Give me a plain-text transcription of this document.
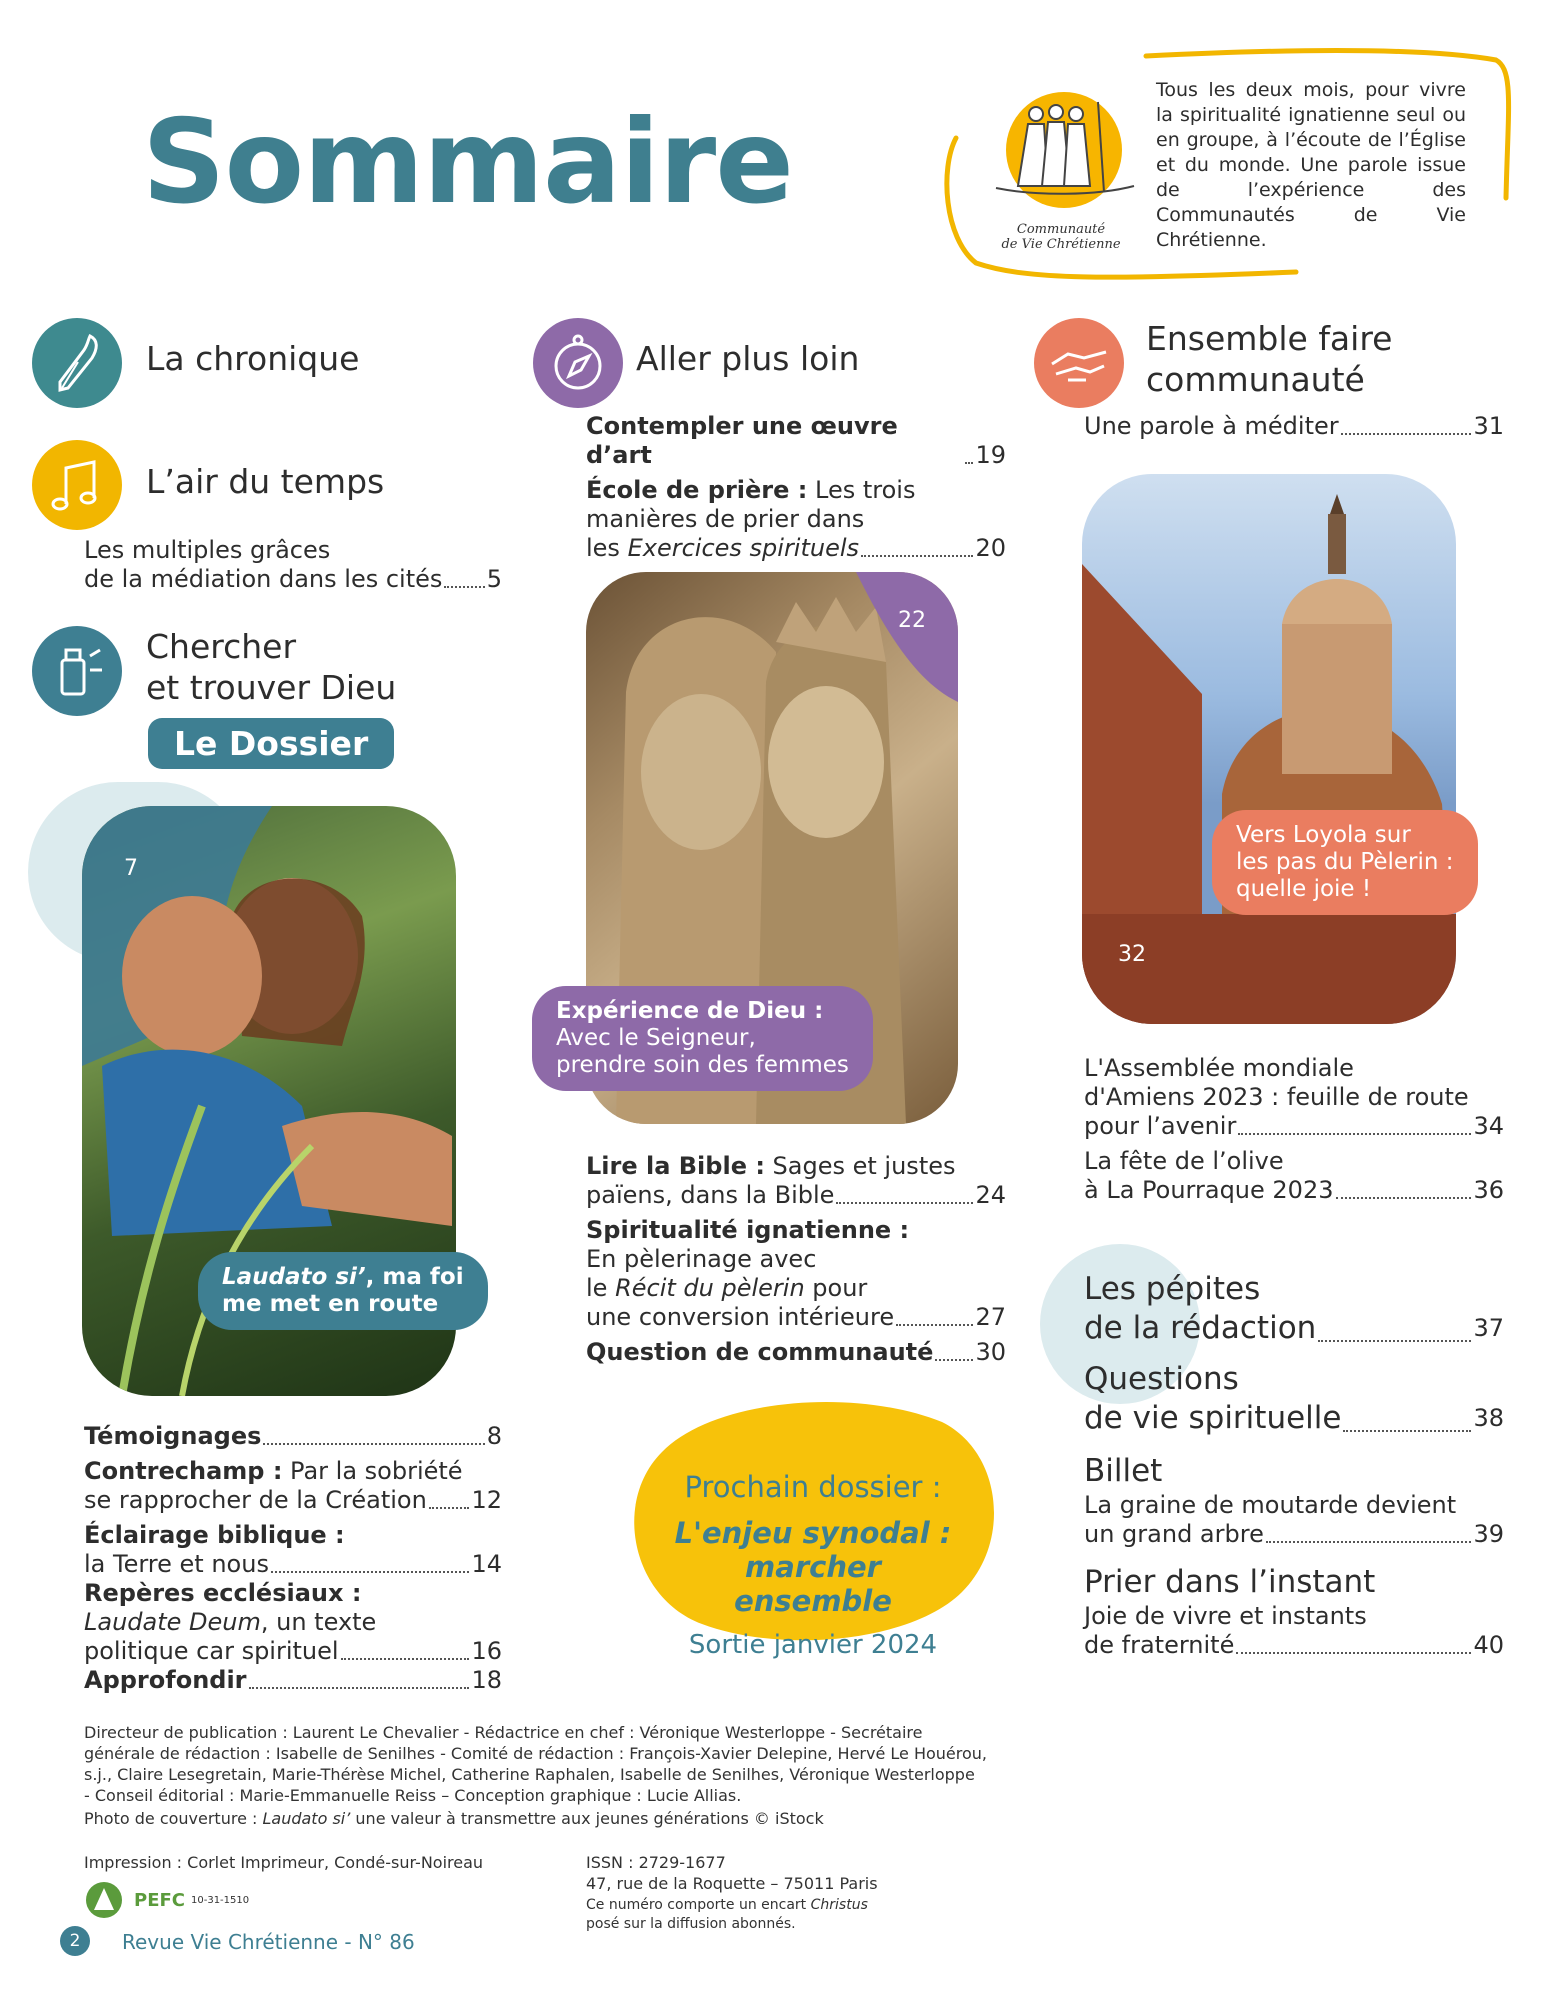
Sommaire	Communauté
de Vie Chrétienne
Tous les deux mois, pour vivre la spiritualité ignatienne seul ou en groupe, à l’écoute de l’Église et du monde. Une parole issue de l’expérience des Communautés de Vie Chrétienne.
La chronique
L’air du temps
Les multiples grâces
de la médiation dans les cités 5
Chercher
et trouver Dieu
Le Dossier
7
Laudato si’, ma foi
me met en route
Témoignages	8
Contrechamp : Par la sobriété
se rapprocher de la Création 12
Éclairage biblique :
la Terre et nous	14
Repères ecclésiaux :
Laudate Deum, un texte
politique car spirituel	16
Approfondir	18
Aller plus loin
Contempler une œuvre d’art	19
École de prière : Les trois
manières de prier dans
les Exercices spirituels	20
22
Expérience de Dieu :
Avec le Seigneur,
prendre soin des femmes
Lire la Bible : Sages et justes
païens, dans la Bible	24
Spiritualité ignatienne :
En pèlerinage avec
le Récit du pèlerin pour
une conversion intérieure	27
Question de communauté 30
Prochain dossier :
L'enjeu synodal : marcher
ensemble
Sortie janvier 2024
Ensemble faire
communauté
Une parole à méditer	31
32
Vers Loyola sur
les pas du Pèlerin :
quelle joie !
L'Assemblée mondiale
d'Amiens 2023 : feuille de route
pour l’avenir	34
La fête de l’olive
à La Pourraque 2023	36
Les pépites
de la rédaction	37
Questions
de vie spirituelle	38
Billet
La graine de moutarde devient
un grand arbre	39
Prier dans l’instant
Joie de vivre et instants
de fraternité	40
Directeur de publication : Laurent Le Chevalier - Rédactrice en chef : Véronique Westerloppe - Secrétaire
générale de rédaction : Isabelle de Senilhes - Comité de rédaction : François-Xavier Delepine, Hervé Le Houérou,
s.j., Claire Lesegretain, Marie-Thérèse Michel, Catherine Raphalen, Isabelle de Senilhes, Véronique Westerloppe
- Conseil éditorial : Marie-Emmanuelle Reiss – Conception graphique : Lucie Allias.
Photo de couverture : Laudato si’ une valeur à transmettre aux jeunes générations © iStock
Impression : Corlet Imprimeur, Condé-sur-Noireau
PEFC 10-31-1510
ISSN : 2729-1677
47, rue de la Roquette – 75011 Paris
Ce numéro comporte un encart Christus
posé sur la diffusion abonnés.
2	Revue Vie Chrétienne - N° 86
